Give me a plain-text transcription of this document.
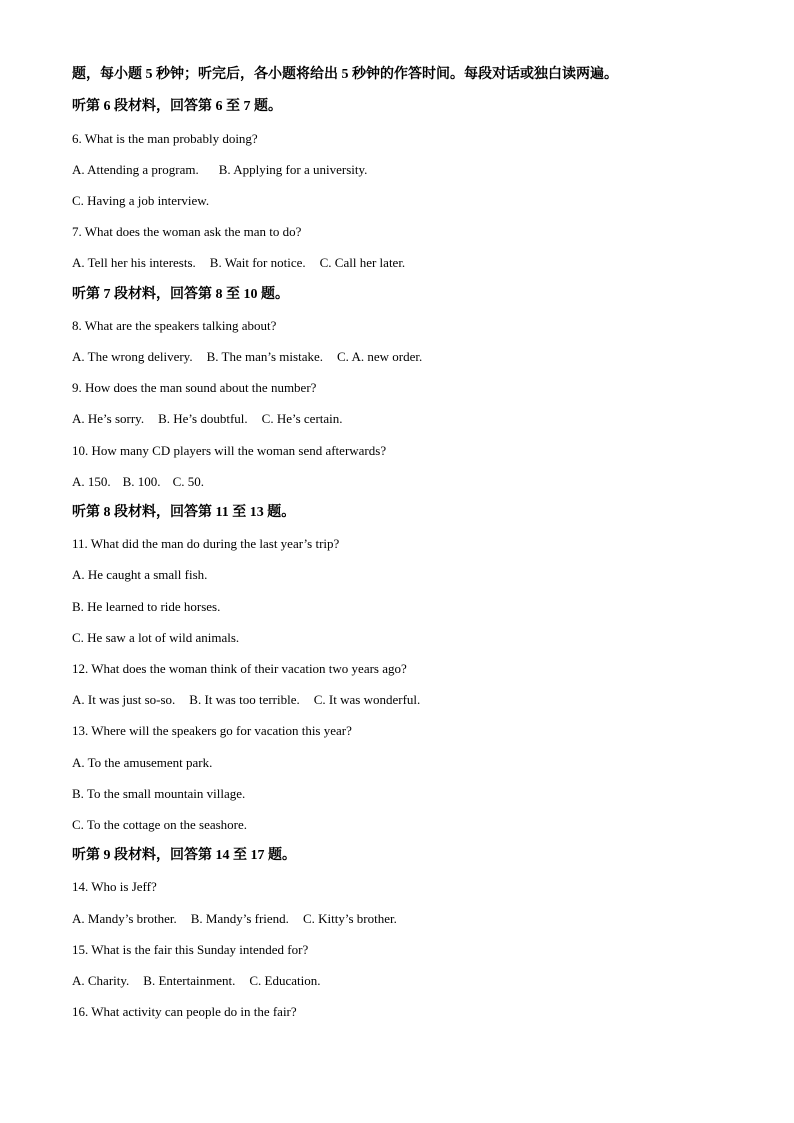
题，每小题 5 秒钟；听完后，各小题将给出 5 秒钟的作答时间。每段对话或独白读两遍。
听第 6 段材料，回答第 6 至 7 题。
6. What is the man probably doing?
A. Attending a program. B. Applying for a university.
C. Having a job interview.
7. What does the woman ask the man to do?
A. Tell her his interests. B. Wait for notice. C. Call her later.
听第 7 段材料，回答第 8 至 10 题。
8. What are the speakers talking about?
A. The wrong delivery. B. The man’s mistake. C. A. new order.
9. How does the man sound about the number?
A. He’s sorry. B. He’s doubtful. C. He’s certain.
10. How many CD players will the woman send afterwards?
A. 150. B. 100. C. 50.
听第 8 段材料，回答第 11 至 13 题。
11. What did the man do during the last year’s trip?
A. He caught a small fish.
B. He learned to ride horses.
C. He saw a lot of wild animals.
12. What does the woman think of their vacation two years ago?
A. It was just so-so. B. It was too terrible. C. It was wonderful.
13. Where will the speakers go for vacation this year?
A. To the amusement park.
B. To the small mountain village.
C. To the cottage on the seashore.
听第 9 段材料，回答第 14 至 17 题。
14. Who is Jeff?
A. Mandy’s brother. B. Mandy’s friend. C. Kitty’s brother.
15. What is the fair this Sunday intended for?
A. Charity. B. Entertainment. C. Education.
16. What activity can people do in the fair?
